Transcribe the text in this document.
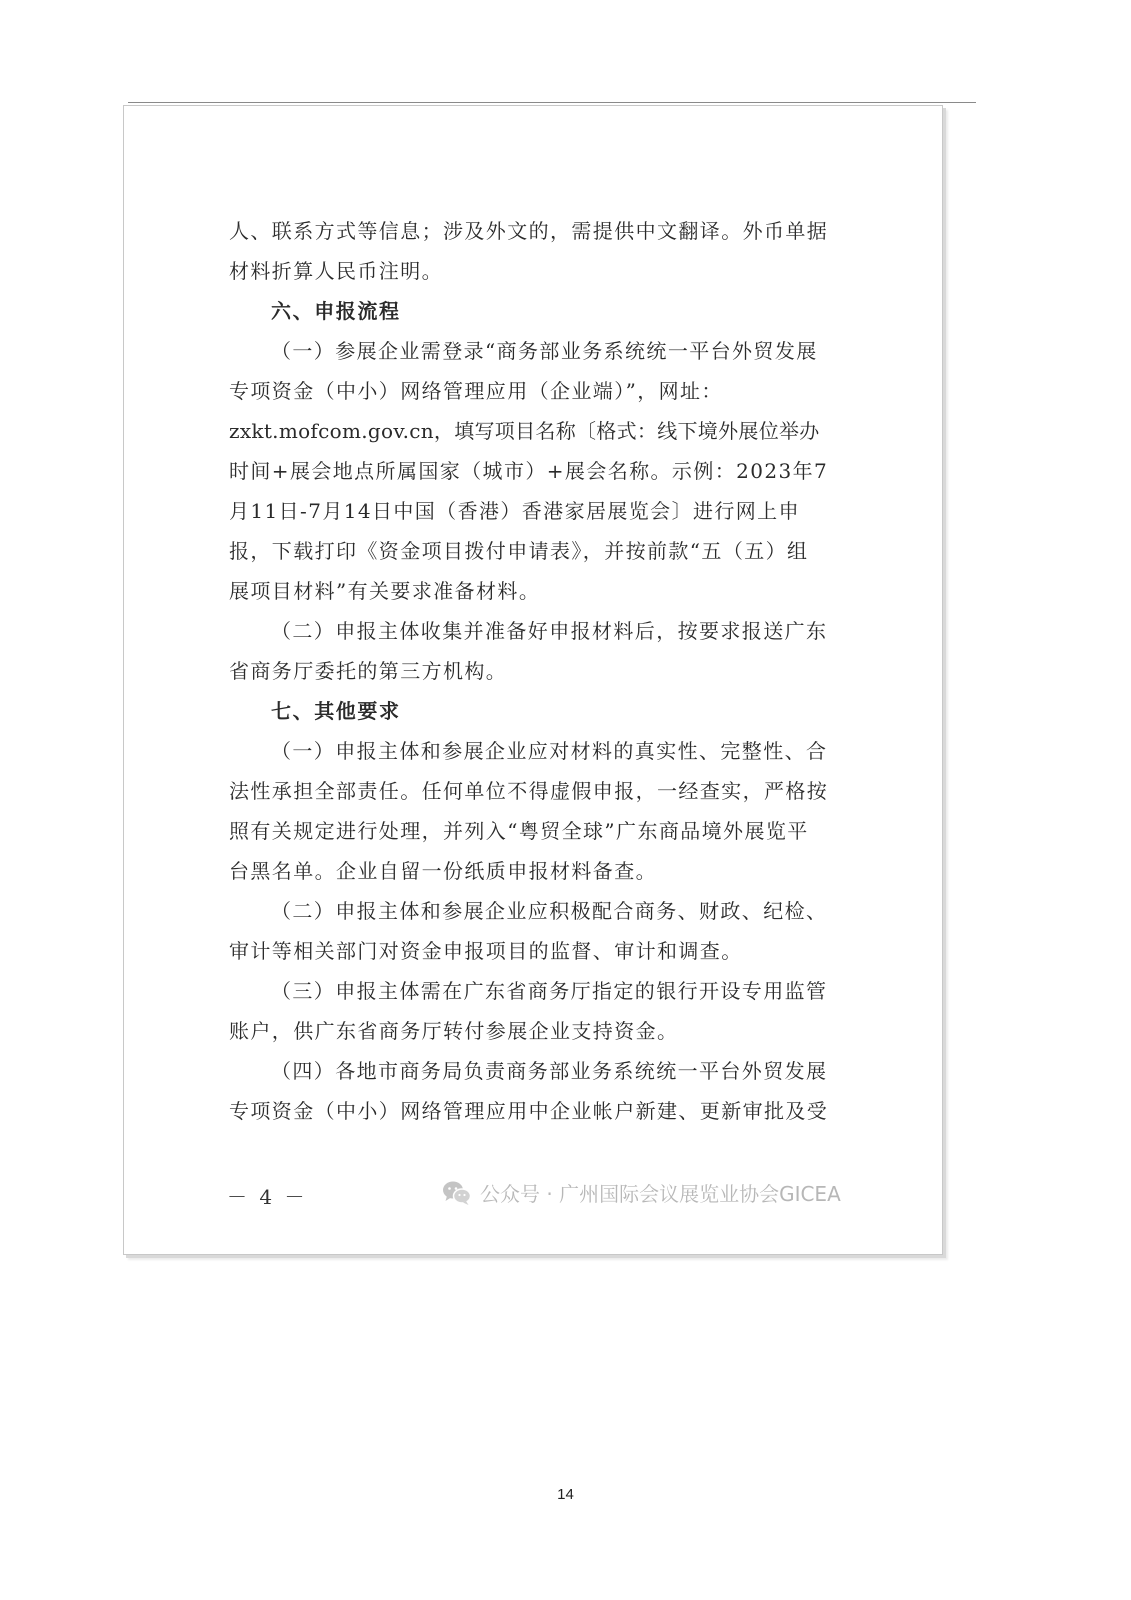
人、联系方式等信息；涉及外文的，需提供中文翻译。外币单据
材料折算人民币注明。
六、申报流程
（一）参展企业需登录“商务部业务系统统一平台外贸发展
专项资金（中小）网络管理应用（企业端）”，网址：
zxkt.mofcom.gov.cn，填写项目名称〔格式：线下境外展位举办
时间+展会地点所属国家（城市）+展会名称。示例：2023年7
月11日-7月14日中国（香港）香港家居展览会〕进行网上申
报，下载打印《资金项目拨付申请表》，并按前款“五（五）组
展项目材料”有关要求准备材料。
（二）申报主体收集并准备好申报材料后，按要求报送广东
省商务厅委托的第三方机构。
七、其他要求
（一）申报主体和参展企业应对材料的真实性、完整性、合
法性承担全部责任。任何单位不得虚假申报，一经查实，严格按
照有关规定进行处理，并列入“粤贸全球”广东商品境外展览平
台黑名单。企业自留一份纸质申报材料备查。
（二）申报主体和参展企业应积极配合商务、财政、纪检、
审计等相关部门对资金申报项目的监督、审计和调查。
（三）申报主体需在广东省商务厅指定的银行开设专用监管
账户，供广东省商务厅转付参展企业支持资金。
（四）各地市商务局负责商务部业务系统统一平台外贸发展
专项资金（中小）网络管理应用中企业帐户新建、更新审批及受
－ 4 －	公众号 · 广州国际会议展览业协会GICEA
14
